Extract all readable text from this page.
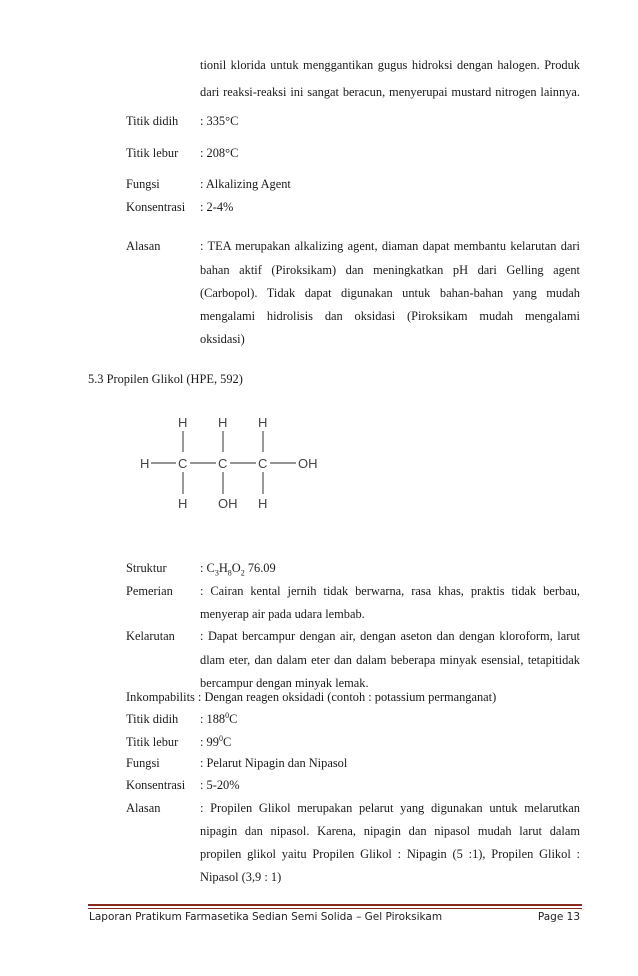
tionil klorida untuk menggantikan gugus hidroksi dengan halogen. Produk
dari reaksi-reaksi ini sangat beracun, menyerupai mustard nitrogen lainnya.
Titik didih : 335°C
Titik lebur : 208°C
Fungsi	: Alkalizing Agent
Konsentrasi : 2-4%
Alasan	: TEA merupakan alkalizing agent, diaman dapat membantu kelarutan dari
bahan aktif (Piroksikam) dan meningkatkan pH dari Gelling agent
(Carbopol). Tidak dapat digunakan untuk bahan-bahan yang mudah
mengalami hidrolisis dan oksidasi (Piroksikam mudah mengalami
oksidasi)
5.3 Propilen Glikol (HPE, 592)
H H H
H C C C OH
H OH H
Struktur	: $C_3H_8O_2$ 76.09
Pemerian : Cairan kental jernih tidak berwarna, rasa khas, praktis tidak berbau,
menyerap air pada udara lembab.
Kelarutan : Dapat bercampur dengan air, dengan aseton dan dengan kloroform, larut
dlam eter, dan dalam eter dan dalam beberapa minyak esensial, tetapitidak
bercampur dengan minyak lemak.
Inkompabilits : Dengan reagen oksidadi (contoh : potassium permanganat)
Titik didih : $188^0C$
Titik lebur : $99^0C$
Fungsi	: Pelarut Nipagin dan Nipasol
Konsentrasi : 5-20%
Alasan	: Propilen Glikol merupakan pelarut yang digunakan untuk melarutkan
nipagin dan nipasol. Karena, nipagin dan nipasol mudah larut dalam
propilen glikol yaitu Propilen Glikol : Nipagin (5 :1), Propilen Glikol :
Nipasol (3,9 : 1)
Laporan Pratikum Farmasetika Sedian Semi Solida – Gel Piroksikam	Page 13
